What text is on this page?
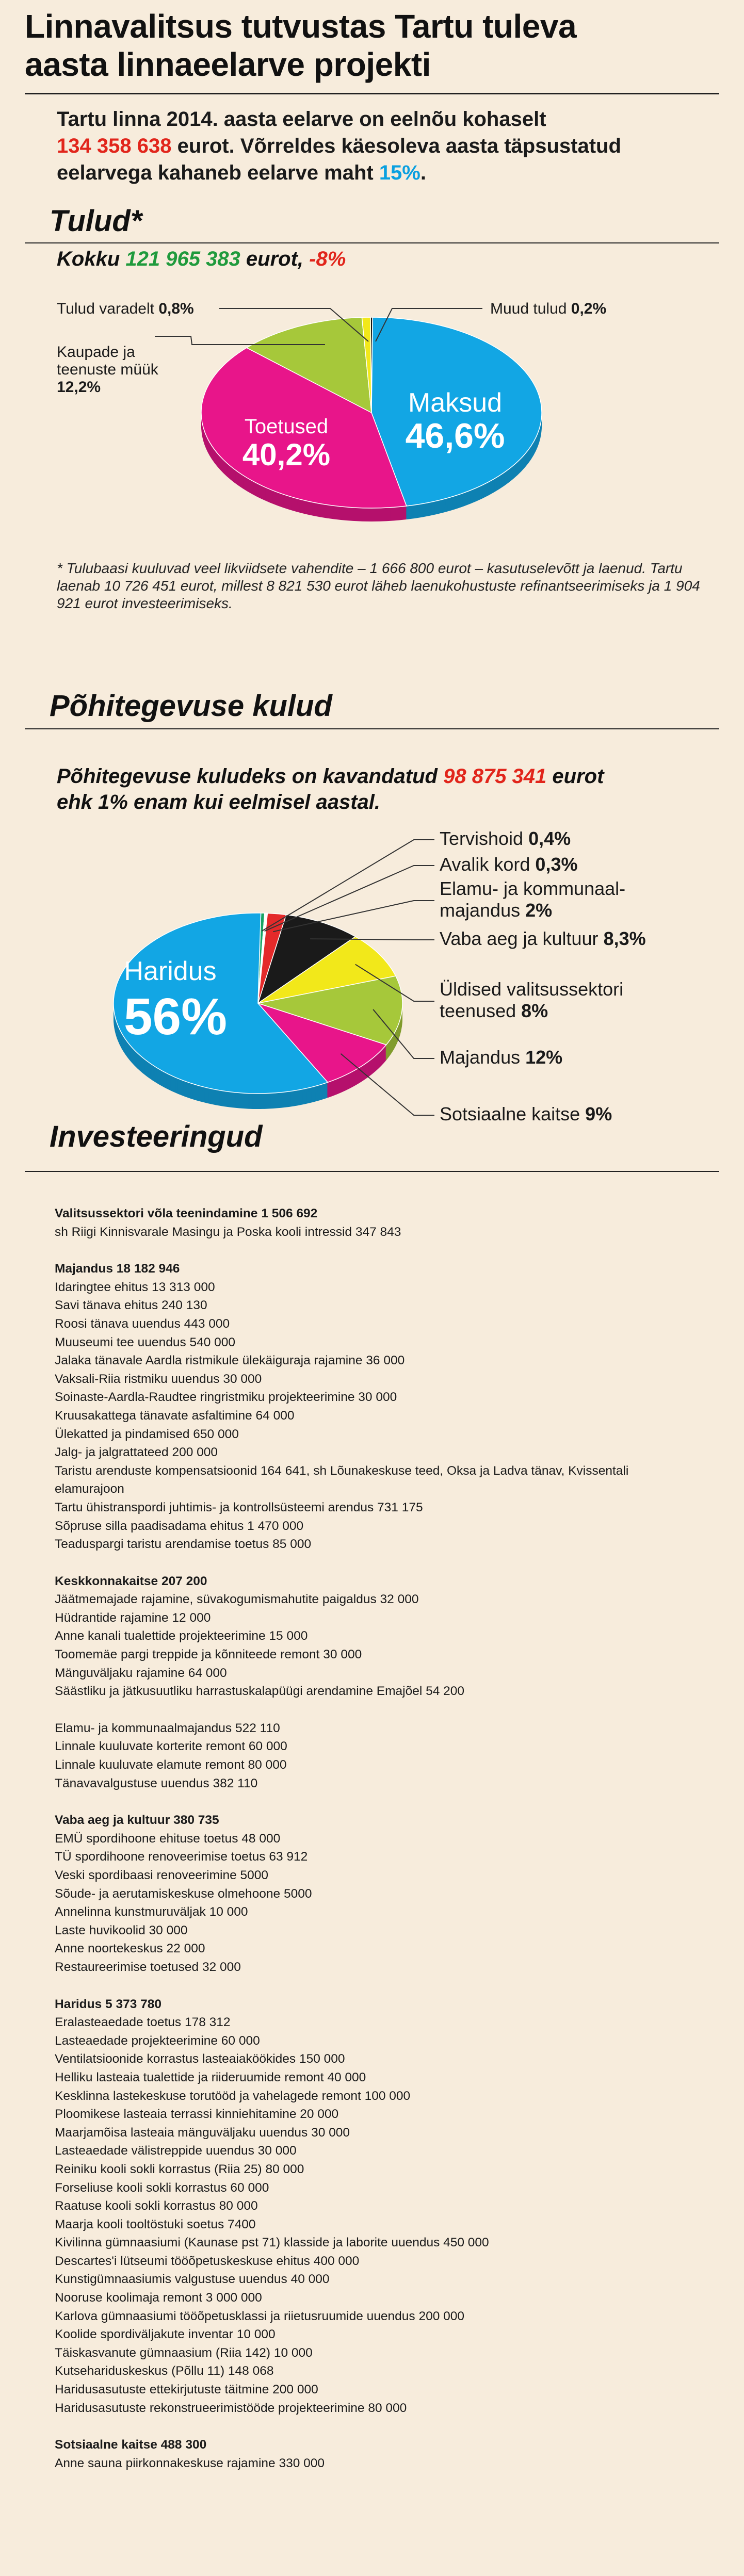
Linnavalitsus tutvustas Tartu tuleva
aasta linnaeelarve projekti
Tartu linna 2014. aasta eelarve on eelnõu kohaselt
134 358 638 eurot. Võrreldes käesoleva aasta täpsustatud
eelarvega kahaneb eelarve maht 15%.
Tulud*
Kokku 121 965 383 eurot, -8%
Maksud
46,6%
Toetused
40,2%
Tulud varadelt 0,8%	Muud tulud 0,2%
Kaupade ja
teenuste müük
12,2%
* Tulubaasi kuuluvad veel likviidsete vahendite – 1 666 800 eurot – kasutuselevõtt ja laenud. Tartu laenab 10 726 451 eurot, millest 8 821 530 eurot läheb laenukohustuste refinantseerimiseks ja 1 904 921 eurot investeerimiseks.
Põhitegevuse kulud
Põhitegevuse kuludeks on kavandatud 98 875 341 eurot
ehk 1% enam kui eelmisel aastal.
Haridus
56%
Tervishoid 0,4%
Avalik kord 0,3%
Elamu- ja kommunaal-
majandus 2%
Vaba aeg ja kultuur 8,3%
Üldised valitsussektori
teenused 8%
Majandus 12%
Sotsiaalne kaitse 9%
Investeeringud
Valitsussektori võla teenindamine 1 506 692
sh Riigi Kinnisvarale Masingu ja Poska kooli intressid 347 843
Majandus 18 182 946
Idaringtee ehitus 13 313 000
Savi tänava ehitus 240 130
Roosi tänava uuendus 443 000
Muuseumi tee uuendus 540 000
Jalaka tänavale Aardla ristmikule ülekäiguraja rajamine 36 000
Vaksali-Riia ristmiku uuendus 30 000
Soinaste-Aardla-Raudtee ringristmiku projekteerimine 30 000
Kruusakattega tänavate asfaltimine 64 000
Ülekatted ja pindamised 650 000
Jalg- ja jalgrattateed 200 000
Taristu arenduste kompensatsioonid 164 641, sh Lõunakeskuse teed, Oksa ja Ladva tänav, Kvissentali
elamurajoon
Tartu ühistranspordi juhtimis- ja kontrollsüsteemi arendus 731 175
Sõpruse silla paadisadama ehitus 1 470 000
Teaduspargi taristu arendamise toetus 85 000
Keskkonnakaitse 207 200
Jäätmemajade rajamine, süvakogumismahutite paigaldus 32 000
Hüdrantide rajamine 12 000
Anne kanali tualettide projekteerimine 15 000
Toomemäe pargi treppide ja kõnniteede remont 30 000
Mänguväljaku rajamine 64 000
Säästliku ja jätkusuutliku harrastuskalapüügi arendamine Emajõel 54 200
Elamu- ja kommunaalmajandus 522 110
Linnale kuuluvate korterite remont 60 000
Linnale kuuluvate elamute remont 80 000
Tänavavalgustuse uuendus 382 110
Vaba aeg ja kultuur 380 735
EMÜ spordihoone ehituse toetus 48 000
TÜ spordihoone renoveerimise toetus 63 912
Veski spordibaasi renoveerimine 5000
Sõude- ja aerutamiskeskuse olmehoone 5000
Annelinna kunstmuruväljak 10 000
Laste huvikoolid 30 000
Anne noortekeskus 22 000
Restaureerimise toetused 32 000
Haridus 5 373 780
Eralasteaedade toetus 178 312
Lasteaedade projekteerimine 60 000
Ventilatsioonide korrastus lasteaiaköökides 150 000
Helliku lasteaia tualettide ja riideruumide remont 40 000
Kesklinna lastekeskuse torutööd ja vahelagede remont 100 000
Ploomikese lasteaia terrassi kinniehitamine 20 000
Maarjamõisa lasteaia mänguväljaku uuendus 30 000
Lasteaedade välistreppide uuendus 30 000
Reiniku kooli sokli korrastus (Riia 25) 80 000
Forseliuse kooli sokli korrastus 60 000
Raatuse kooli sokli korrastus 80 000
Maarja kooli tooltöstuki soetus 7400
Kivilinna gümnaasiumi (Kaunase pst 71) klasside ja laborite uuendus 450 000
Descartes'i lütseumi tööõpetuskeskuse ehitus 400 000
Kunstigümnaasiumis valgustuse uuendus 40 000
Nooruse koolimaja remont 3 000 000
Karlova gümnaasiumi tööõpetusklassi ja riietusruumide uuendus 200 000
Koolide spordiväljakute inventar 10 000
Täiskasvanute gümnaasium (Riia 142) 10 000
Kutsehariduskeskus (Põllu 11) 148 068
Haridusasutuste ettekirjutuste täitmine 200 000
Haridusasutuste rekonstrueerimistööde projekteerimine 80 000
Sotsiaalne kaitse 488 300
Anne sauna piirkonnakeskuse rajamine 330 000
